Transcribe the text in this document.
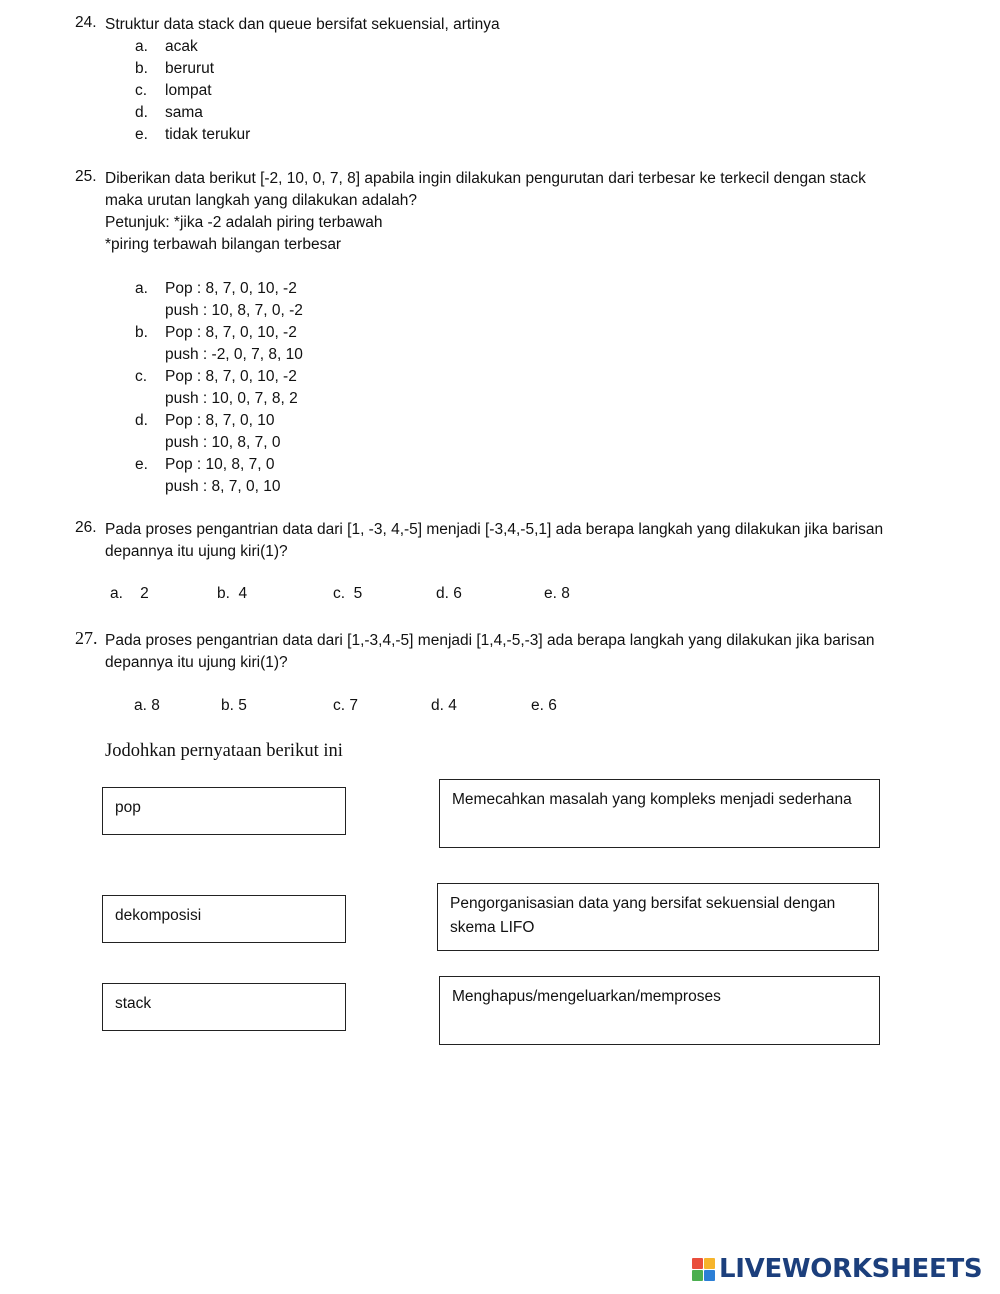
24. Struktur data stack dan queue bersifat sekuensial, artinya
a. acak
b. berurut
c. lompat
d. sama
e. tidak terukur
25. Diberikan data berikut [-2, 10, 0, 7, 8] apabila ingin dilakukan pengurutan dari terbesar ke terkecil dengan stack
maka urutan langkah yang dilakukan adalah?
Petunjuk: *jika -2 adalah piring terbawah
*piring terbawah bilangan terbesar
a. Pop : 8, 7, 0, 10, -2
push : 10, 8, 7, 0, -2
b. Pop : 8, 7, 0, 10, -2
push : -2, 0, 7, 8, 10
c. Pop : 8, 7, 0, 10, -2
push : 10, 0, 7, 8, 2
d. Pop : 8, 7, 0, 10
push : 10, 8, 7, 0
e. Pop : 10, 8, 7, 0
push : 8, 7, 0, 10
26. Pada proses pengantrian data dari [1, -3, 4,-5] menjadi [-3,4,-5,1] ada berapa langkah yang dilakukan jika barisan
depannya itu ujung kiri(1)?
a.    2	b.  4	c.  5	d. 6	e. 8
27. Pada proses pengantrian data dari [1,-3,4,-5] menjadi [1,4,-5,-3] ada berapa langkah yang dilakukan jika barisan
depannya itu ujung kiri(1)?
a. 8	b. 5	c. 7	d. 4	e. 6
Jodohkan pernyataan berikut ini
pop
dekomposisi
stack
Memecahkan masalah yang kompleks menjadi sederhana
Pengorganisasian data yang bersifat sekuensial dengan skema LIFO
Menghapus/mengeluarkan/memproses
LIVEWORKSHEETS
